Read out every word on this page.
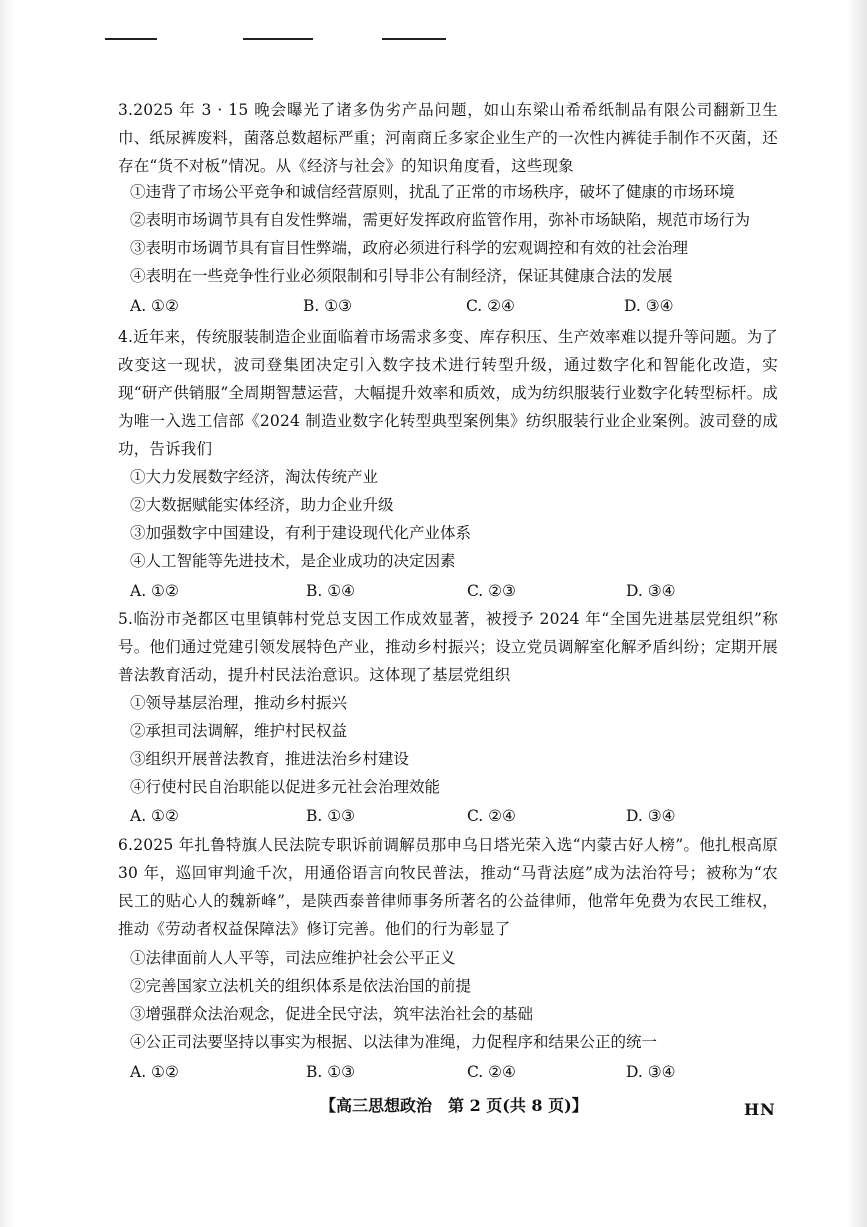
3.2025 年 3 · 15 晚会曝光了诸多伪劣产品问题，如山东梁山希希纸制品有限公司翻新卫生巾、纸尿裤废料，菌落总数超标严重；河南商丘多家企业生产的一次性内裤徒手制作不灭菌，还存在“货不对板”情况。从《经济与社会》的知识角度看，这些现象
①违背了市场公平竞争和诚信经营原则，扰乱了正常的市场秩序，破坏了健康的市场环境
②表明市场调节具有自发性弊端，需更好发挥政府监管作用，弥补市场缺陷，规范市场行为
③表明市场调节具有盲目性弊端，政府必须进行科学的宏观调控和有效的社会治理
④表明在一些竞争性行业必须限制和引导非公有制经济，保证其健康合法的发展
A. ①②	B. ①③	C. ②④	D. ③④
4.近年来，传统服装制造企业面临着市场需求多变、库存积压、生产效率难以提升等问题。为了改变这一现状，波司登集团决定引入数字技术进行转型升级，通过数字化和智能化改造，实现“研产供销服”全周期智慧运营，大幅提升效率和质效，成为纺织服装行业数字化转型标杆。成为唯一入选工信部《2024 制造业数字化转型典型案例集》纺织服装行业企业案例。波司登的成功，告诉我们
①大力发展数字经济，淘汰传统产业
②大数据赋能实体经济，助力企业升级
③加强数字中国建设，有利于建设现代化产业体系
④人工智能等先进技术，是企业成功的决定因素
A. ①②	B. ①④	C. ②③	D. ③④
5.临汾市尧都区屯里镇韩村党总支因工作成效显著，被授予 2024 年“全国先进基层党组织”称号。他们通过党建引领发展特色产业，推动乡村振兴；设立党员调解室化解矛盾纠纷；定期开展普法教育活动，提升村民法治意识。这体现了基层党组织
①领导基层治理，推动乡村振兴
②承担司法调解，维护村民权益
③组织开展普法教育，推进法治乡村建设
④行使村民自治职能以促进多元社会治理效能
A. ①②	B. ①③	C. ②④	D. ③④
6.2025 年扎鲁特旗人民法院专职诉前调解员那申乌日塔光荣入选“内蒙古好人榜”。他扎根高原 30 年，巡回审判逾千次，用通俗语言向牧民普法，推动“马背法庭”成为法治符号；被称为“农民工的贴心人的魏新峰”，是陕西泰普律师事务所著名的公益律师，他常年免费为农民工维权，推动《劳动者权益保障法》修订完善。他们的行为彰显了
①法律面前人人平等，司法应维护社会公平正义
②完善国家立法机关的组织体系是依法治国的前提
③增强群众法治观念，促进全民守法，筑牢法治社会的基础
④公正司法要坚持以事实为根据、以法律为准绳，力促程序和结果公正的统一
A. ①②	B. ①③	C. ②④	D. ③④
【高三思想政治　第 2 页(共 8 页)】	HN
